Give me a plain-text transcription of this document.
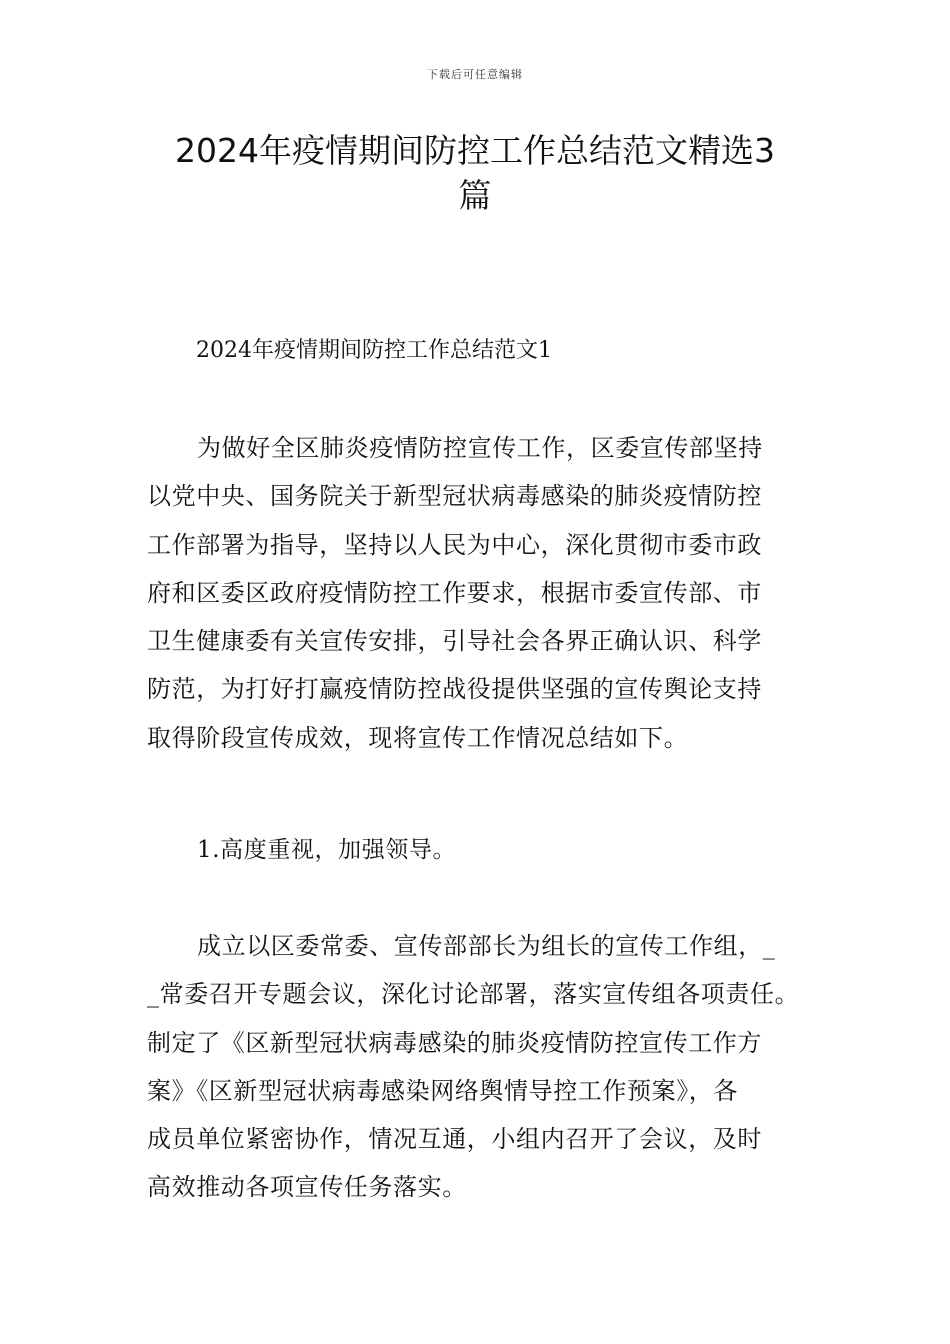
下载后可任意编辑
2024年疫情期间防控工作总结范文精选3
篇
2024年疫情期间防控工作总结范文1
为做好全区肺炎疫情防控宣传工作，区委宣传部坚持
以党中央、国务院关于新型冠状病毒感染的肺炎疫情防控
工作部署为指导，坚持以人民为中心，深化贯彻市委市政
府和区委区政府疫情防控工作要求，根据市委宣传部、市
卫生健康委有关宣传安排，引导社会各界正确认识、科学
防范，为打好打赢疫情防控战役提供坚强的宣传舆论支持
取得阶段宣传成效，现将宣传工作情况总结如下。
1.高度重视，加强领导。
成立以区委常委、宣传部部长为组长的宣传工作组，_
_常委召开专题会议，深化讨论部署，落实宣传组各项责任。
制定了《区新型冠状病毒感染的肺炎疫情防控宣传工作方
案》《区新型冠状病毒感染网络舆情导控工作预案》，各
成员单位紧密协作，情况互通，小组内召开了会议，及时
高效推动各项宣传任务落实。
